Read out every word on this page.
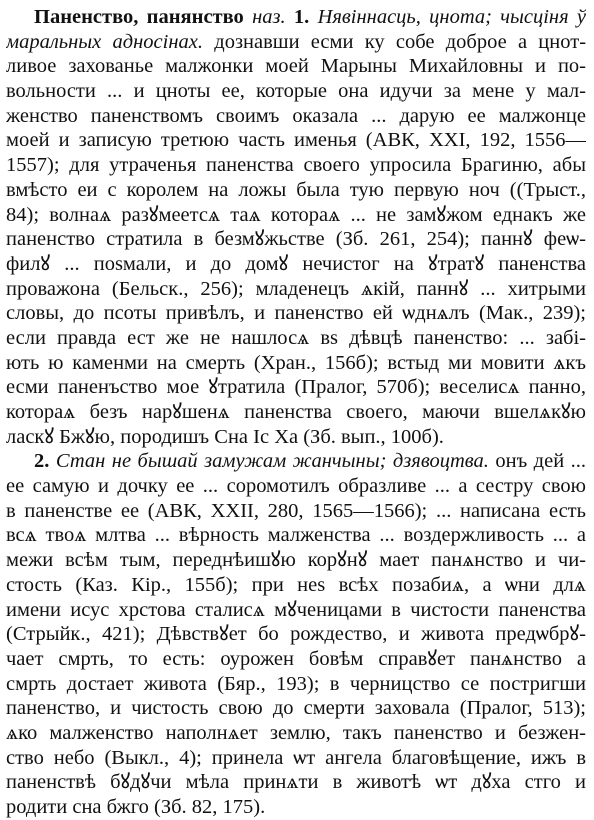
Паненство, панянство наз. 1. Нявіннасць, цнота; чысціня ў
маральных адносінах. дознавши есми ку собе доброе а цнот-
ливое захованье малжонки моей Марыны Михайловны и по-
вольности ... и цноты ее, которые она идучи за мене у мал-
женство паненствомъ своимъ оказала ... дарую ее малжонце
моей и записую третюю часть именья (АВК, ХХІ, 192, 1556—
1557); для утраченья паненства своего упросила Брагиню, абы
вмѣсто еи с королем на ложы была тую первую ноч ((Трыст.,
84); волнаѧ разꙋмеетсѧ таѧ котораѧ ... не замꙋжом еднакъ же
паненство стратила в безмꙋжьстве (Зб. 261, 254); паннꙋ феѡ-
филꙋ ... поѕмали, и до домꙋ нечистог на ꙋтратꙋ паненства
проважона (Бельск., 256); младенецъ ѧкій, паннꙋ ... хитрыми
словы, до псоты привѣлъ, и паненство ей ѡднѧлъ (Мак., 239);
если правда ест же не нашлосѧ вѕ дѣвцѣ паненство: ... забі-
ють ю каменми на смерть (Хран., 156б); встыд ми мовити ѧкъ
есми паненъство мое ꙋтратила (Пралог, 570б); веселисѧ панно,
котораѧ безъ нарꙋшенѧ паненства своего, маючи вшелѧкꙋю
ласкꙋ Бжꙋю, породишъ Сна Іс Ха (Зб. вып., 100б).
2. Стан не бышай замужам жанчыны; дзявоцтва. онъ дей ...
ее самую и дочку ее ... соромотилъ образливе ... а сестру свою
в паненстве ее (АВК, ХХІІ, 280, 1565—1566); ... написана есть
всѧ твоѧ млтва ... вѣрность малженства ... воздержливость ... а
межи всѣм тым, переднѣишꙋю корꙋнꙋ мает панѧнство и чи-
стость (Каз. Кір., 155б); при неѕ всѣх позабиѧ, а ѡни длѧ
имени исус хрстова сталисѧ мꙋченицами в чистости паненства
(Стрыйк., 421); Дѣвствꙋет бо рождество, и живота предѡбрꙋ-
чает смрть, то есть: оурожен бовѣм справꙋет панѧнство а
смрть достает живота (Бяр., 193); в черницство се постригши
паненство, и чистость свою до смерти заховала (Пралог, 513);
ѧко малженство наполнѧет землю, такъ паненство и безжен-
ство небо (Выкл., 4); принела ѡт ангела благовѣщение, ижъ в
паненствѣ бꙋдꙋчи мѣла принѧти в животѣ ѡт дꙋха стго и
родити сна бжго (Зб. 82, 175).
